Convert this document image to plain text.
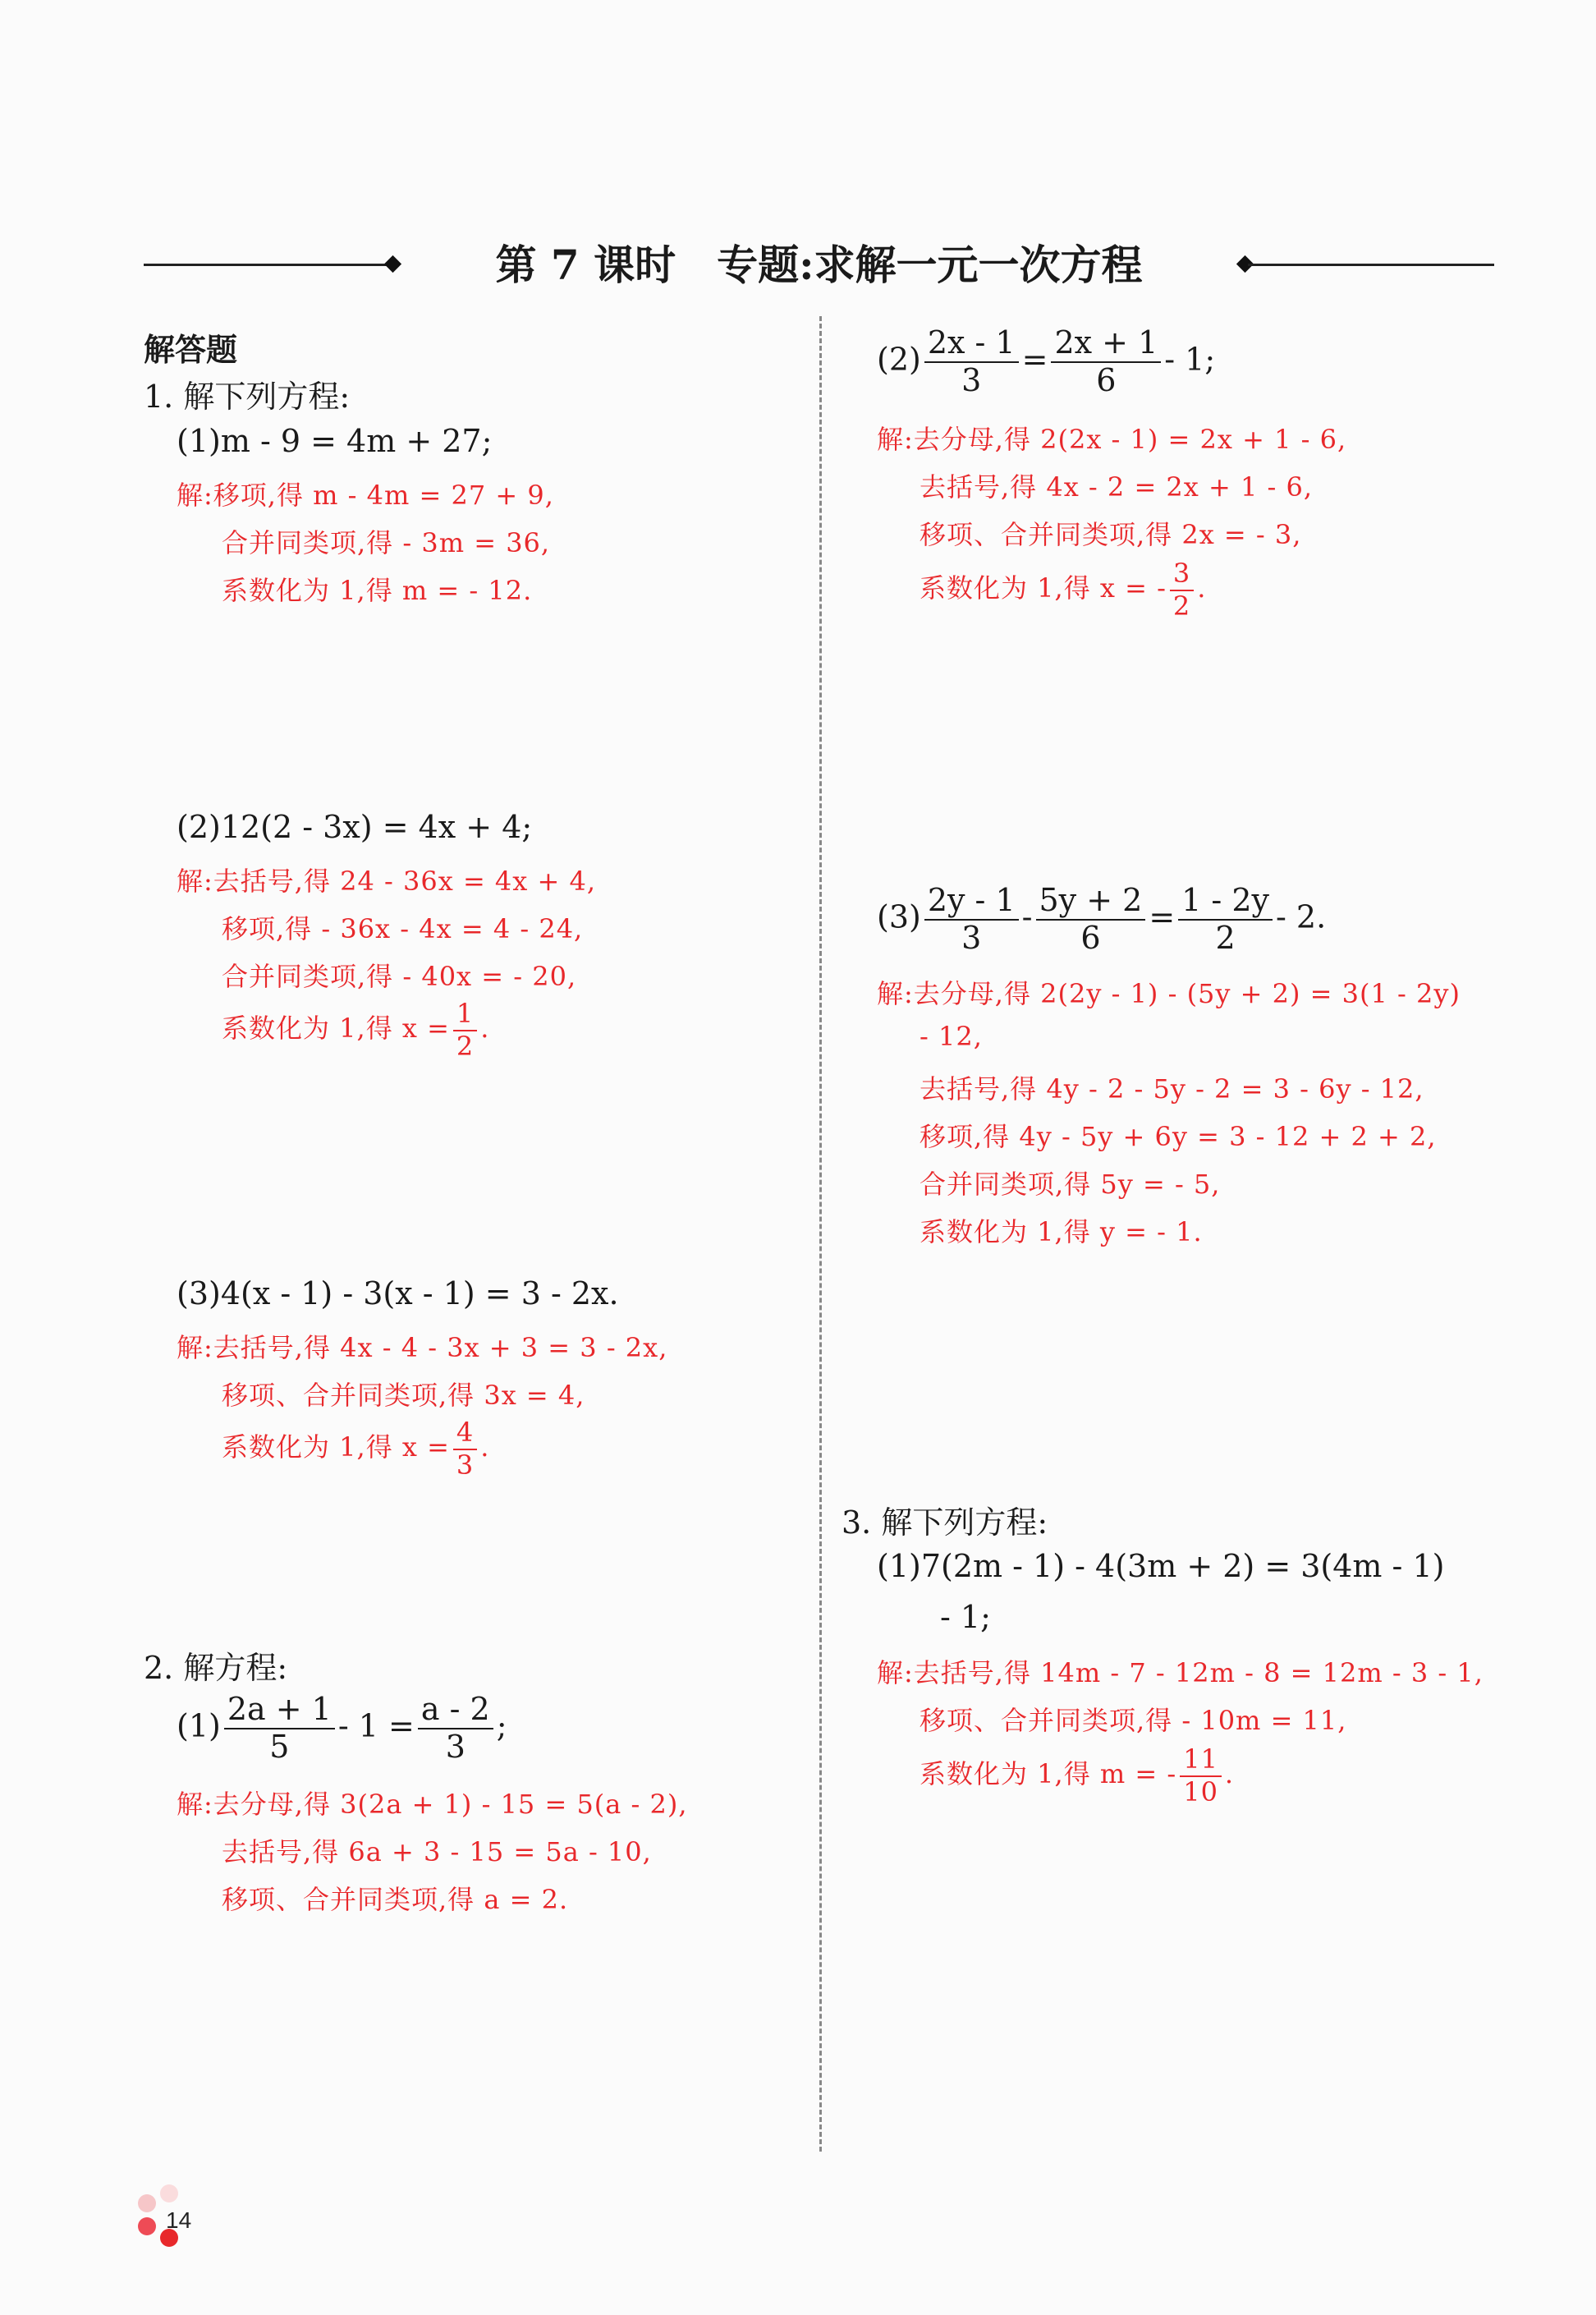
第 7 课时　专题:求解一元一次方程
解答题
1. 解下列方程:
(1)m - 9 = 4m + 27;
解:移项,得 m - 4m = 27 + 9,
合并同类项,得 - 3m = 36,
系数化为 1,得 m = - 12.
(2)12(2 - 3x) = 4x + 4;
解:去括号,得 24 - 36x = 4x + 4,
移项,得 - 36x - 4x = 4 - 24,
合并同类项,得 - 40x = - 20,
系数化为 1,得 $x = \frac{1}{2}$ .
(3)4(x - 1) - 3(x - 1) = 3 - 2x.
解:去括号,得 4x - 4 - 3x + 3 = 3 - 2x,
移项、合并同类项,得 3x = 4,
系数化为 1,得 $x = \frac{4}{3}$ .
2. 解方程:
$(1) \frac{2a + 1}{5} - 1 = \frac{a - 2}{3}$ ;
解:去分母,得 3(2a + 1) - 15 = 5(a - 2),
去括号,得 6a + 3 - 15 = 5a - 10,
移项、合并同类项,得 a = 2.
$(2) \frac{2x - 1}{3} = \frac{2x + 1}{6} - 1$;
解:去分母,得 2(2x - 1) = 2x + 1 - 6,
去括号,得 4x - 2 = 2x + 1 - 6,
移项、合并同类项,得 2x = - 3,
系数化为 1,得 x = - $\frac{3}{2}$ .
$(3) \frac{2y - 1}{3} - \frac{5y + 2}{6} = \frac{1 - 2y}{2} - 2$.
解:去分母,得 2(2y - 1) - (5y + 2) = 3(1 - 2y)
- 12,
去括号,得 4y - 2 - 5y - 2 = 3 - 6y - 12,
移项,得 4y - 5y + 6y = 3 - 12 + 2 + 2,
合并同类项,得 5y = - 5,
系数化为 1,得 y = - 1.
3. 解下列方程:
(1)7(2m - 1) - 4(3m + 2) = 3(4m - 1)
- 1;
解:去括号,得 14m - 7 - 12m - 8 = 12m - 3 - 1,
移项、合并同类项,得 - 10m = 11,
系数化为 1,得 m = - $\frac{11}{10}$ .
14
